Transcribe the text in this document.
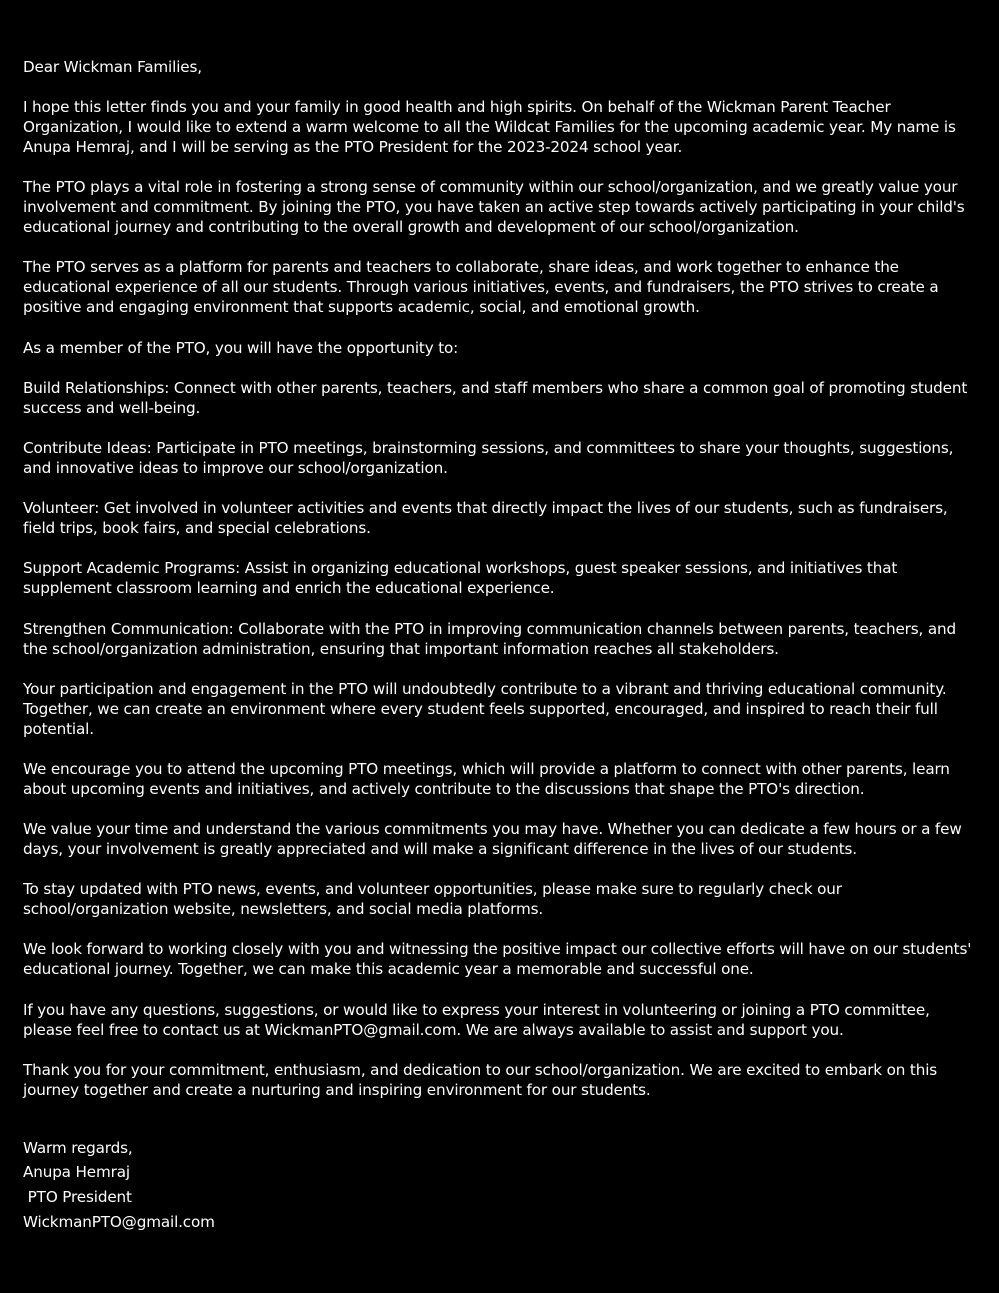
Dear Wickman Families,

I hope this letter finds you and your family in good health and high spirits. On behalf of the Wickman Parent Teacher Organization, I would like to extend a warm welcome to all the Wildcat Families for the upcoming academic year. My name is Anupa Hemraj, and I will be serving as the PTO President for the 2023-2024 school year.

The PTO plays a vital role in fostering a strong sense of community within our school/organization, and we greatly value your involvement and commitment. By joining the PTO, you have taken an active step towards actively participating in your child's educational journey and contributing to the overall growth and development of our school/organization.

The PTO serves as a platform for parents and teachers to collaborate, share ideas, and work together to enhance the educational experience of all our students. Through various initiatives, events, and fundraisers, the PTO strives to create a positive and engaging environment that supports academic, social, and emotional growth.

As a member of the PTO, you will have the opportunity to:

Build Relationships: Connect with other parents, teachers, and staff members who share a common goal of promoting student success and well-being.

Contribute Ideas: Participate in PTO meetings, brainstorming sessions, and committees to share your thoughts, suggestions, and innovative ideas to improve our school/organization.

Volunteer: Get involved in volunteer activities and events that directly impact the lives of our students, such as fundraisers, field trips, book fairs, and special celebrations.

Support Academic Programs: Assist in organizing educational workshops, guest speaker sessions, and initiatives that supplement classroom learning and enrich the educational experience.

Strengthen Communication: Collaborate with the PTO in improving communication channels between parents, teachers, and the school/organization administration, ensuring that important information reaches all stakeholders.

Your participation and engagement in the PTO will undoubtedly contribute to a vibrant and thriving educational community. Together, we can create an environment where every student feels supported, encouraged, and inspired to reach their full potential.

We encourage you to attend the upcoming PTO meetings, which will provide a platform to connect with other parents, learn about upcoming events and initiatives, and actively contribute to the discussions that shape the PTO's direction.

We value your time and understand the various commitments you may have. Whether you can dedicate a few hours or a few days, your involvement is greatly appreciated and will make a significant difference in the lives of our students.

To stay updated with PTO news, events, and volunteer opportunities, please make sure to regularly check our school/organization website, newsletters, and social media platforms.

We look forward to working closely with you and witnessing the positive impact our collective efforts will have on our students' educational journey. Together, we can make this academic year a memorable and successful one.

If you have any questions, suggestions, or would like to express your interest in volunteering or joining a PTO committee, please feel free to contact us at WickmanPTO@gmail.com. We are always available to assist and support you.

Thank you for your commitment, enthusiasm, and dedication to our school/organization. We are excited to embark on this journey together and create a nurturing and inspiring environment for our students.

Warm regards,
Anupa Hemraj
PTO President
WickmanPTO@gmail.com
